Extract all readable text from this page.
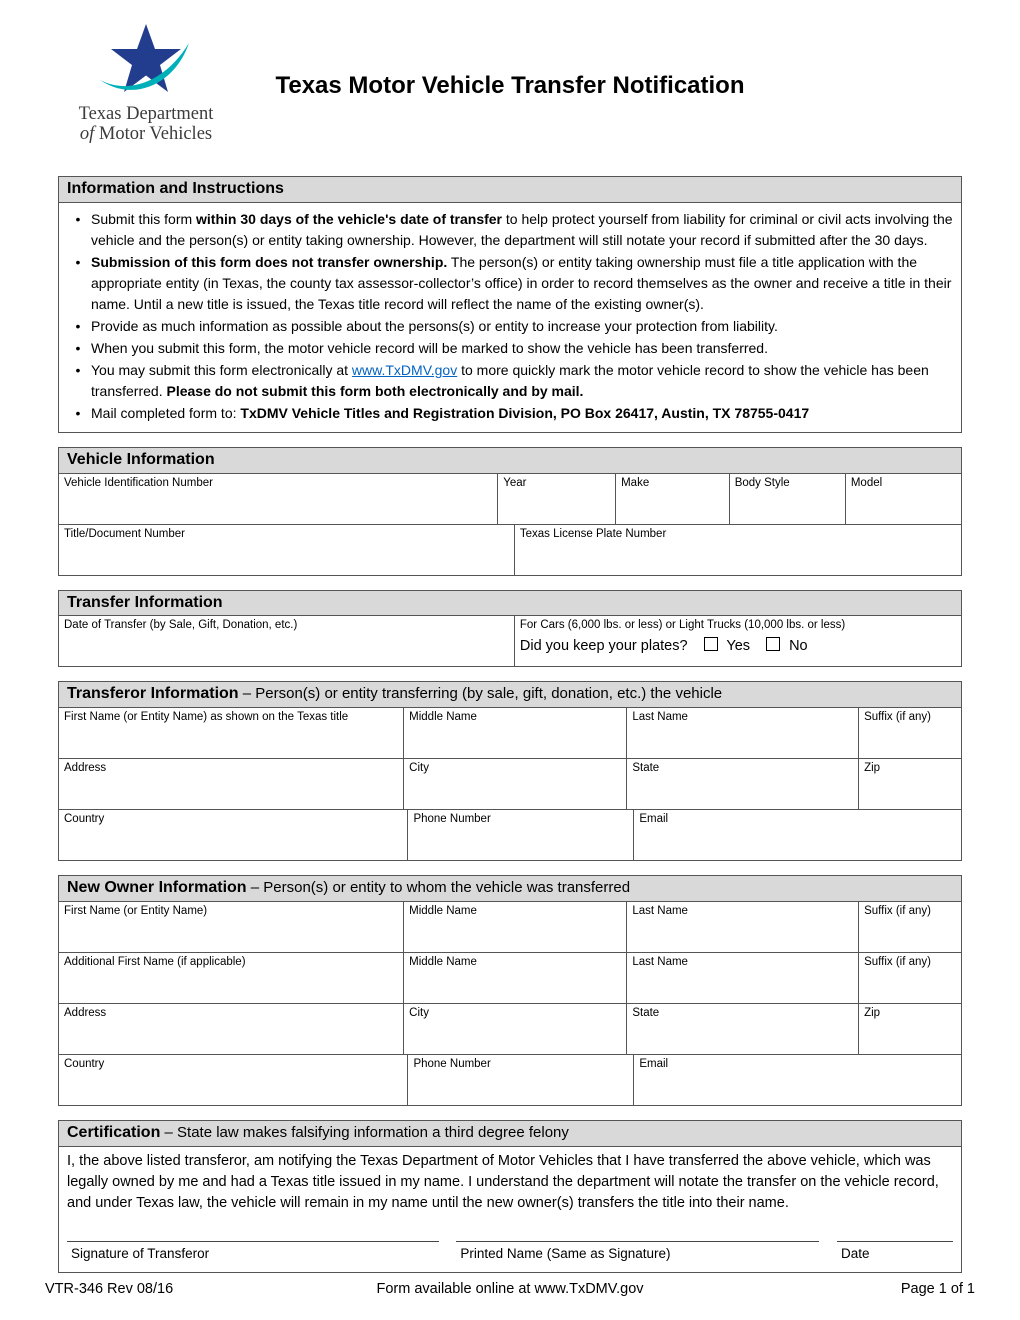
Texas Department
of Motor Vehicles
Texas Motor Vehicle Transfer Notification
Information and Instructions
• Submit this form within 30 days of the vehicle's date of transfer to help protect yourself from liability for criminal or civil acts involving the vehicle and the person(s) or entity taking ownership. However, the department will still notate your record if submitted after the 30 days.
• Submission of this form does not transfer ownership. The person(s) or entity taking ownership must file a title application with the appropriate entity (in Texas, the county tax assessor-collector’s office) in order to record themselves as the owner and receive a title in their name. Until a new title is issued, the Texas title record will reflect the name of the existing owner(s).
• Provide as much information as possible about the persons(s) or entity to increase your protection from liability.
• When you submit this form, the motor vehicle record will be marked to show the vehicle has been transferred.
• You may submit this form electronically at www.TxDMV.gov to more quickly mark the motor vehicle record to show the vehicle has been transferred. Please do not submit this form both electronically and by mail.
• Mail completed form to: TxDMV Vehicle Titles and Registration Division, PO Box 26417, Austin, TX 78755-0417
Vehicle Information
Vehicle Identification Number	Year	Make	Body Style	Model
Title/Document Number	Texas License Plate Number
Transfer Information
Date of Transfer (by Sale, Gift, Donation, etc.)	For Cars (6,000 lbs. or less) or Light Trucks (10,000 lbs. or less)
Did you keep your plates?	Yes	No
Transferor Information – Person(s) or entity transferring (by sale, gift, donation, etc.) the vehicle
First Name (or Entity Name) as shown on the Texas title	Middle Name	Last Name	Suffix (if any)
Address	City	State	Zip
Country	Phone Number	Email
New Owner Information – Person(s) or entity to whom the vehicle was transferred
First Name (or Entity Name)	Middle Name	Last Name	Suffix (if any)
Additional First Name (if applicable)	Middle Name	Last Name	Suffix (if any)
Address	City	State	Zip
Country	Phone Number	Email
Certification – State law makes falsifying information a third degree felony
I, the above listed transferor, am notifying the Texas Department of Motor Vehicles that I have transferred the above vehicle, which was legally owned by me and had a Texas title issued in my name. I understand the department will notate the transfer on the vehicle record, and under Texas law, the vehicle will remain in my name until the new owner(s) transfers the title into their name.
Signature of Transferor	Printed Name (Same as Signature)	Date
VTR-346 Rev 08/16	Form available online at www.TxDMV.gov	Page 1 of 1
